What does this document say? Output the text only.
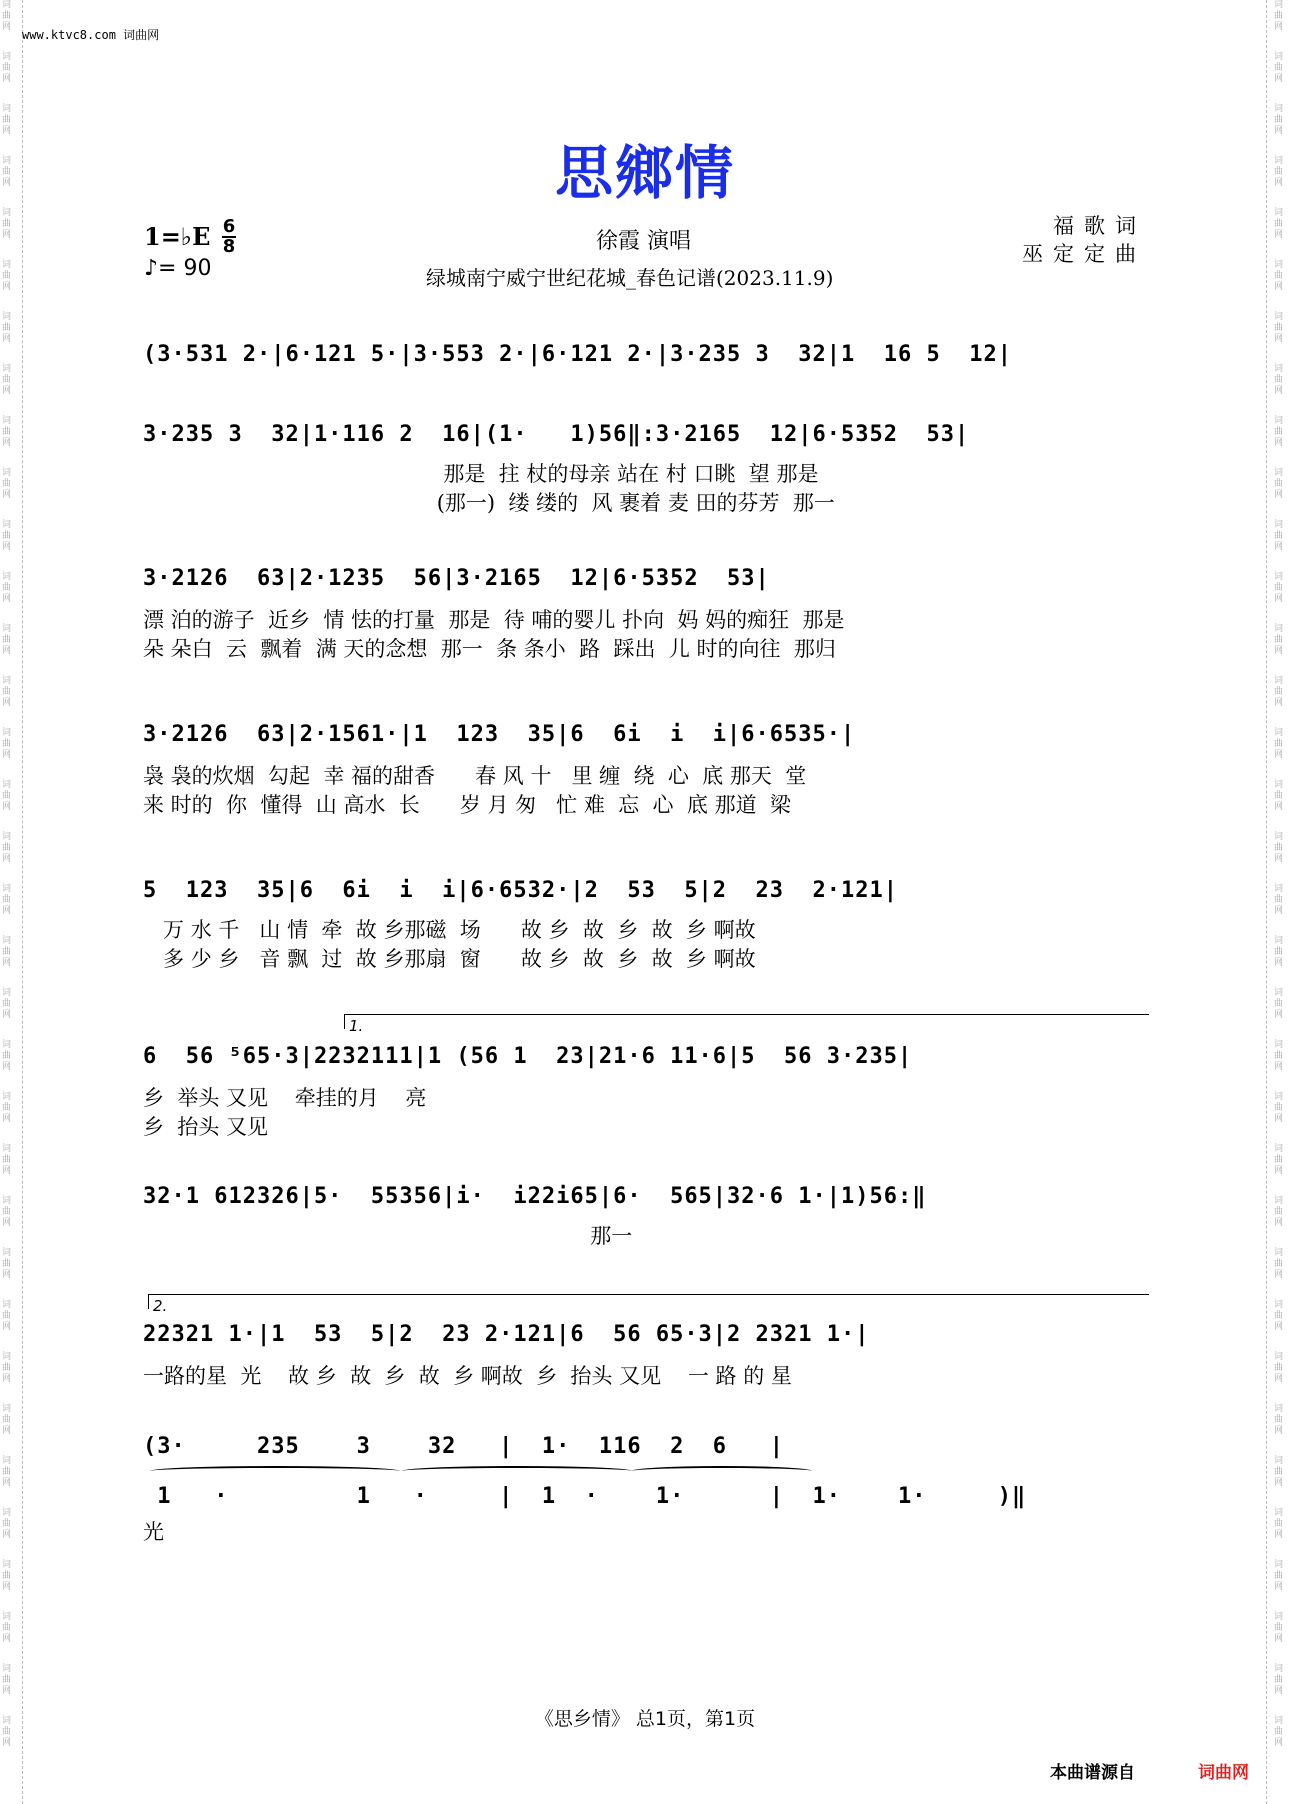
词曲网
词曲网
词曲网
词曲网
词曲网
词曲网
词曲网
词曲网
词曲网
词曲网
词曲网
词曲网
词曲网
词曲网
词曲网
词曲网
词曲网
词曲网
词曲网
词曲网
词曲网
词曲网
词曲网
词曲网
词曲网
词曲网
词曲网
词曲网
词曲网
词曲网
词曲网
词曲网
词曲网
词曲网
词曲网
词曲网
词曲网
词曲网
词曲网
词曲网
词曲网
词曲网
词曲网
词曲网
词曲网
词曲网
词曲网
词曲网
词曲网
词曲网
词曲网
词曲网
词曲网
词曲网
词曲网
词曲网
词曲网
词曲网
词曲网
词曲网
词曲网
词曲网
词曲网
词曲网
词曲网
词曲网
词曲网
词曲网
www.ktvc8.com 词曲网
思鄉情
1=♭E 6
8
♪= 90
徐霞 演唱
绿城南宁威宁世纪花城_春色记谱(2023.11.9)
福歌词
巫定定曲
(3·531 2·|6·121 5·|3·553 2·|6·121 2·|3·235 3  32|1  16 5  12|
3·235 3  32|1·116 2  16|(1·   1)56‖:3·2165  12|6·5352  53|
那是  拄 杖的母亲 站在 村 口眺  望 那是
(那一)  缕 缕的  风 裹着 麦 田的芬芳  那一
3·2126  63|2·1235  56|3·2165  12|6·5352  53|
漂 泊的游子  近乡  情 怯的打量  那是  待 哺的婴儿 扑向  妈 妈的痴狂  那是
朵 朵白  云  飘着  满 天的念想  那一  条 条小  路  踩出  儿 时的向往  那归
3·2126  63|2·1561·|1  123  35|6  6i  i  i|6·6535·|
袅 袅的炊烟  勾起  幸 福的甜香      春 风 十   里 缠  绕  心  底 那天  堂
来 时的  你  懂得  山 高水  长      岁 月 匆   忙 难  忘  心  底 那道  梁
5  123  35|6  6i  i  i|6·6532·|2  53  5|2  23  2·121|
万 水 千   山 情  牵  故 乡那磁  场      故 乡  故  乡  故  乡 啊故
多 少 乡   音 飘  过  故 乡那扇  窗      故 乡  故  乡  故  乡 啊故
1.
6  56 ⁵65·3|2232111|1 (56 1  23|21·6 11·6|5  56 3·235|
乡  举头 又见    牵挂的月    亮
乡  抬头 又见
32·1 612326|5·  55356|i·  i22i65|6·  565|32·6 1·|1)56:‖
那一
2.
22321 1·|1  53  5|2  23 2·121|6  56 65·3|2 2321 1·|
一路的星  光    故 乡  故  乡  故  乡 啊故  乡  抬头 又见    一 路 的 星
(3·     235    3    32   |  1·  116  2  6   |
1   ·         1   ·     |  1  ·    1·      |  1·    1·     )‖
光
《思乡情》 总1页，第1页
本曲谱源自	词曲网
